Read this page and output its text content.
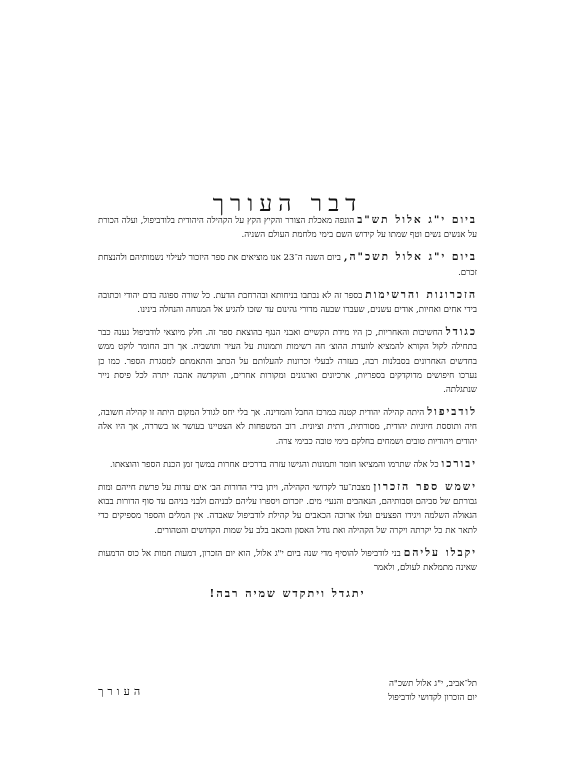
דבר העורך

ביום י"ג אלול תש"בהונפה מאכלת הצורר והקיץ הקץ על הקהילה היהודית בלודביפול, ועלה הכורת על אנשים נשים וטף שמתו על קידוש השם בימי מלחמת העולם השניה.

ביום י"ג אלול תשכ"ה,ביום השנה ה־23 אנו מוציאים את ספר היזכור לעילוי נשמותיהם ולהנצחת זכרם.

הזכרונות והרשימותבספר זה לא נכתבו בניחותא ובהרחבת הדעת. כל שורה ספוגה בדם יהודי וכתובה בידי אחים ואחיות, אודים עשנים, שעברו שבעה מדורי גהינום עד שזכו להגיע אל המנוחה והנחלה בינינו.

כגודלהחשיבות והאחריות, כן היו מידת הקשיים ואבני הנגף בהוצאת ספר זה. חלק מיוצאי לודביפול נענה כבר בתחילה לקול הקורא להמציא לוועדת ההוצ׳ חה רשימות ותמונות על העיר ותושביה. אך רוב החומר לוקט ממש בחדשים האחרונים בסבלנות רבה, בעזרה לבעלי זכרונות להעלותם על הכתב והתאמתם למסגרת הספר. כמו כן נערכו חיפושים מדוקדקים בספריות, ארכיונים וארגונים ומקורות אחרים, והוקדשה אהבה יתרה לכל פיסת נייר שנתגלתה.

לודביפולהיתה קהילה יהודית קטנה במרכז החבל והמדינה. אך בלי יחס לגודל המקום היתה זו קהילה חשובה, חיה ותוססת חיוניות יהודית, מסורתית, דתית וציונית. רוב המשפחות לא הצטיינו בעושר או בשררה, אך היו אלה יהודים ויהודיות טובים ושמחים בחלקם בימי טובה כבימי צרה.

יבורכוכל אלה שתרמו והמציאו חומר ותמונות והגישו עזרה בדרכים אחרות במשך זמן הכנת הספר והוצאתו.

ישמש ספר הזכרוןמצבת־עד לקדושי הקהילה, ויתן בידי הדורות הב׳ אים עדות על פרשת חייהם ומות גבורתם של סביהם וסבותיהם, הנאהבים והנעי׳ מים. יזכרום ויספרו עליהם לבניהם ולבני בניהם עד סוף הדורות בבוא הגאולה השלמה ויגידו הפצעים ועלו ארוכה הכאבים על קהילת לודביפול שאבדה. אין המלים והספר מספיקים כדי לתאר את כל יקרתה ויקרה של הקהילה ואת גודל האסון והכאב בלב על שמות הקדושים והטהורים.

יקבלו עליהםבני לודביפול להוסיף מדי שנה ביום י"ג אלול, הוא יום הזכרון, דמעות חמות אל כוס הדמעות שאינה מתמלאת לעולם, ולאמר

יתגדל ויתקדש שמיה רבה!

תל־אביב, י"ג אלול תשכ"ה
יום הזכרון לקדושי לודביפול
העורך
